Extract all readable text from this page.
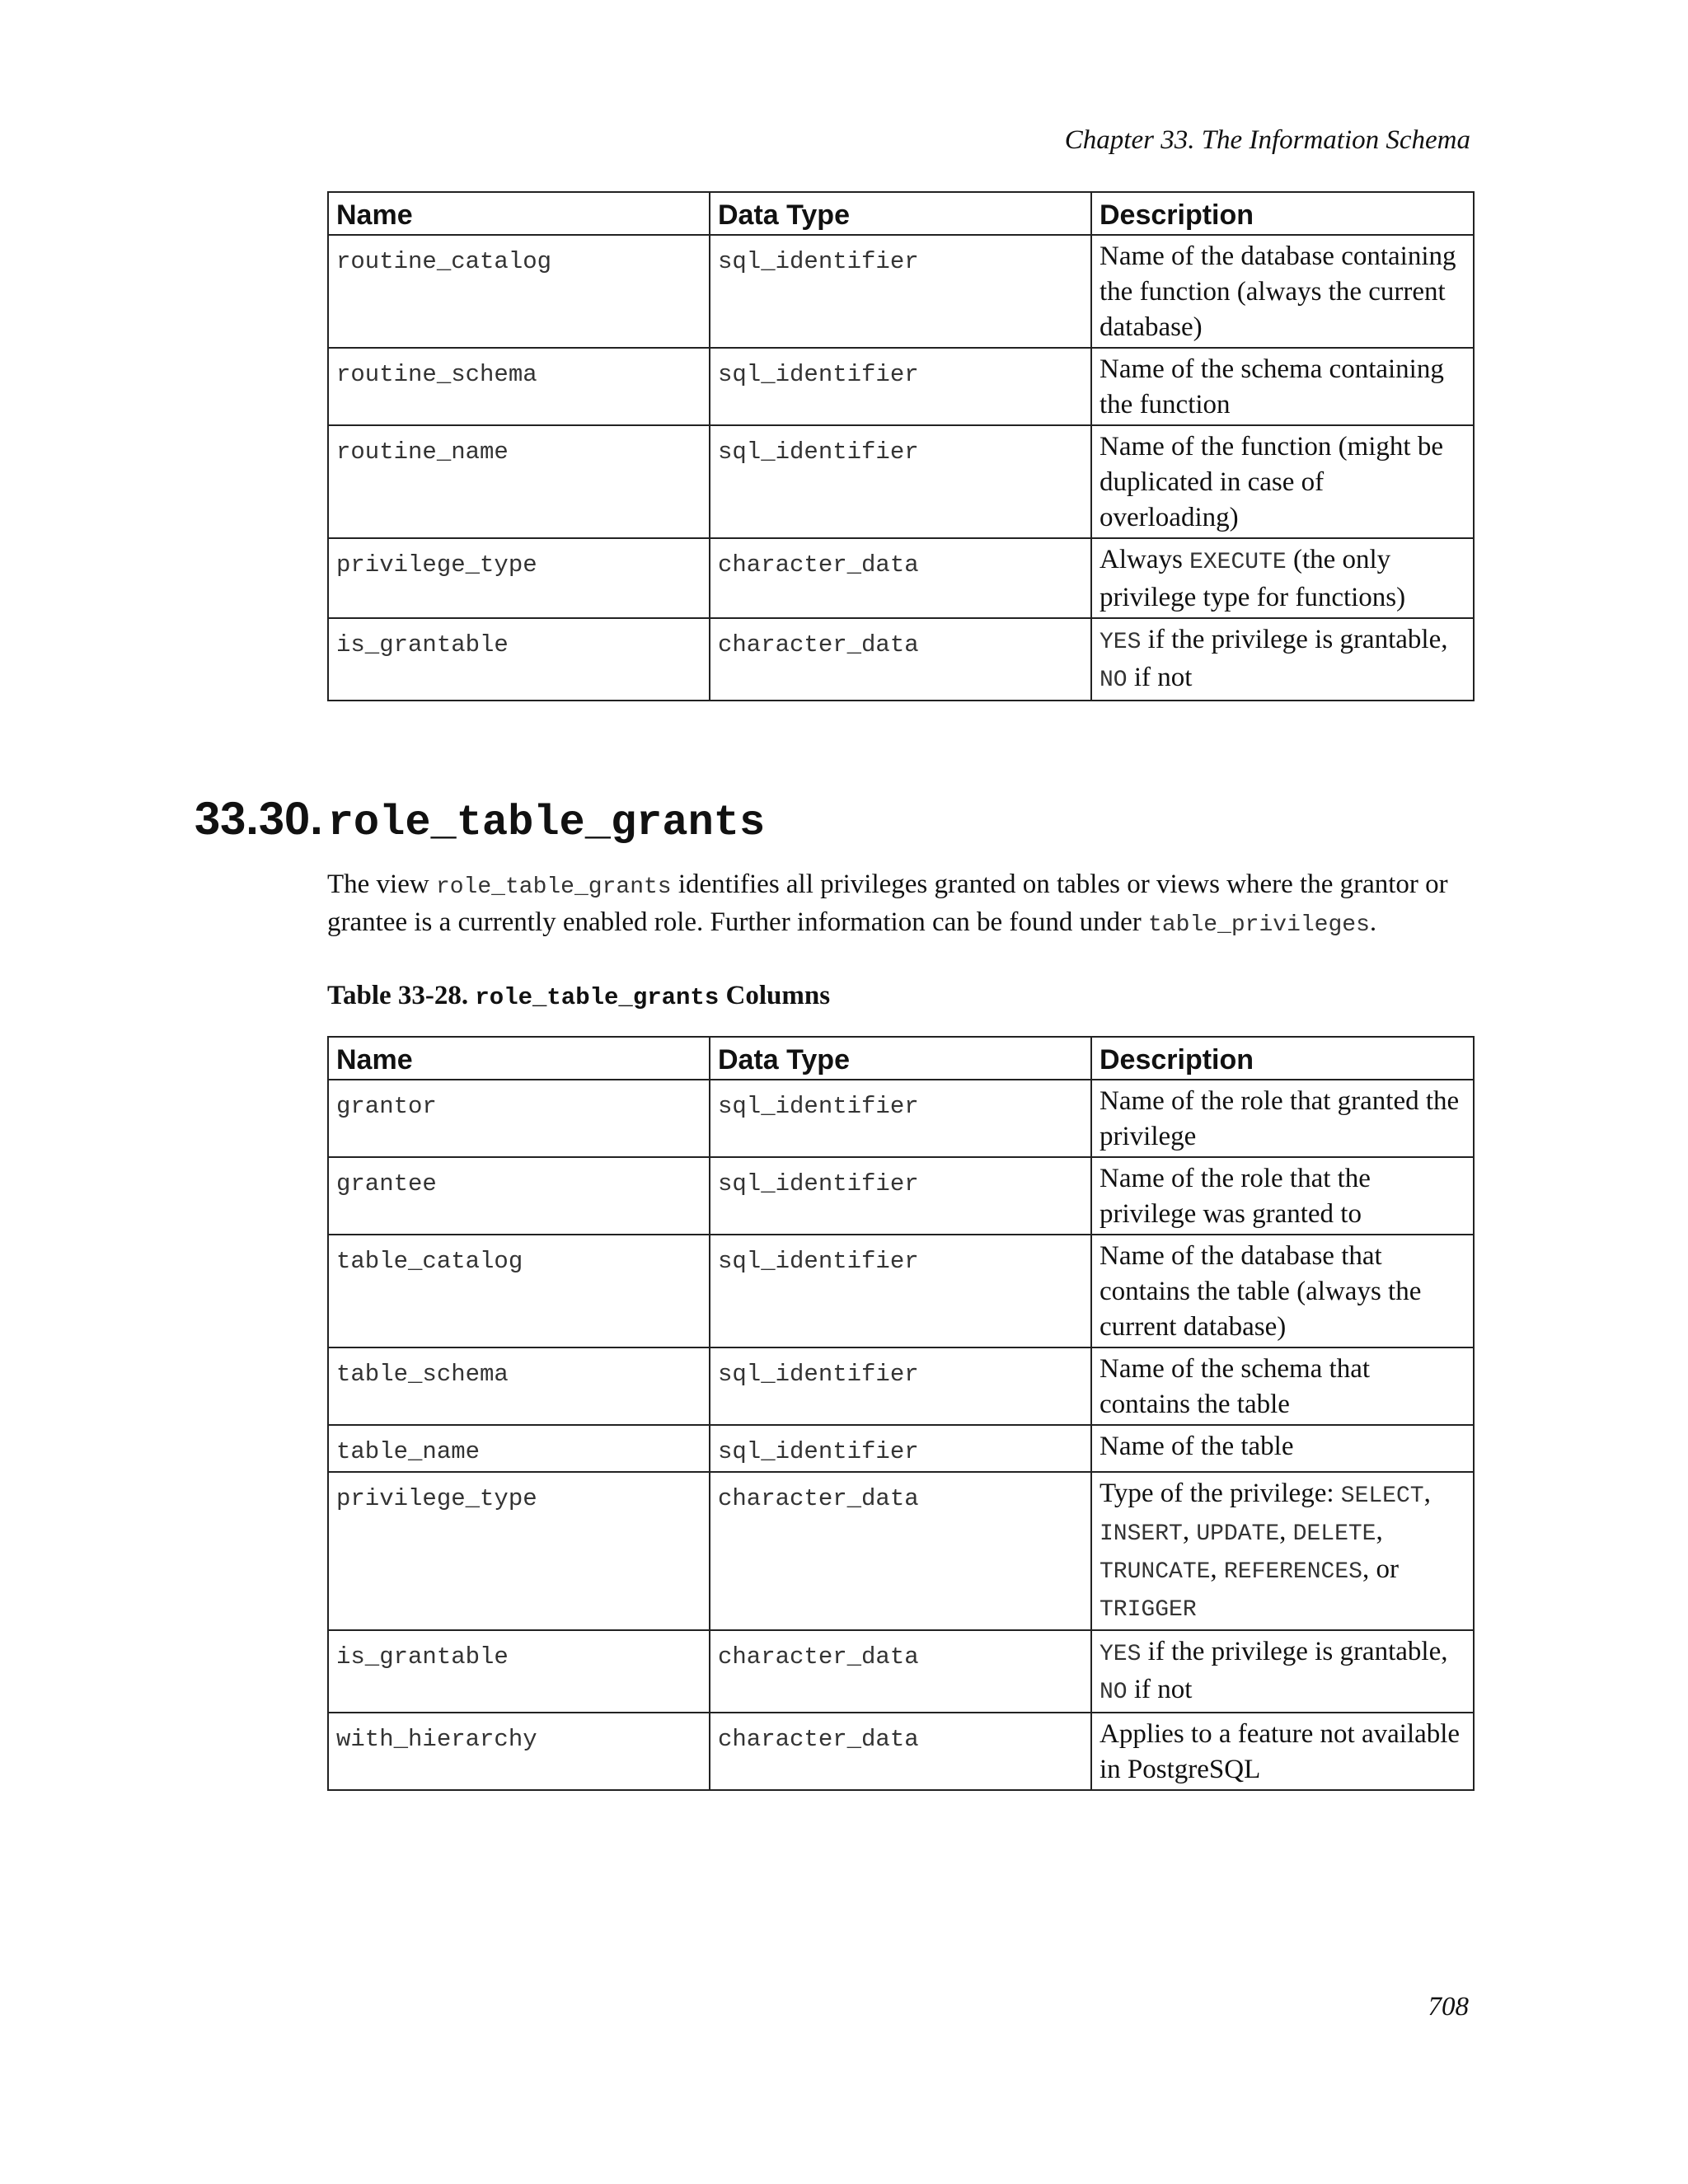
Chapter 33. The Information Schema
Name	Data Type	Description
routine_catalog	sql_identifier	Name of the database containing the function (always the current database)
routine_schema	sql_identifier	Name of the schema containing the function
routine_name	sql_identifier	Name of the function (might be duplicated in case of overloading)
privilege_type	character_data	Always EXECUTE (the only privilege type for functions)
is_grantable	character_data	YES if the privilege is grantable, NO if not
33.30. role_table_grants

The view role_table_grants identifies all privileges granted on tables or views where the grantor or grantee is a currently enabled role. Further information can be found under table_privileges.

Table 33-28. role_table_grants Columns

Name	Data Type	Description
grantor	sql_identifier	Name of the role that granted the privilege
grantee	sql_identifier	Name of the role that the privilege was granted to
table_catalog	sql_identifier	Name of the database that contains the table (always the current database)
table_schema	sql_identifier	Name of the schema that contains the table
table_name	sql_identifier	Name of the table
privilege_type	character_data	Type of the privilege: SELECT, INSERT, UPDATE, DELETE, TRUNCATE, REFERENCES, or TRIGGER
is_grantable	character_data	YES if the privilege is grantable, NO if not
with_hierarchy	character_data	Applies to a feature not available in PostgreSQL
708
